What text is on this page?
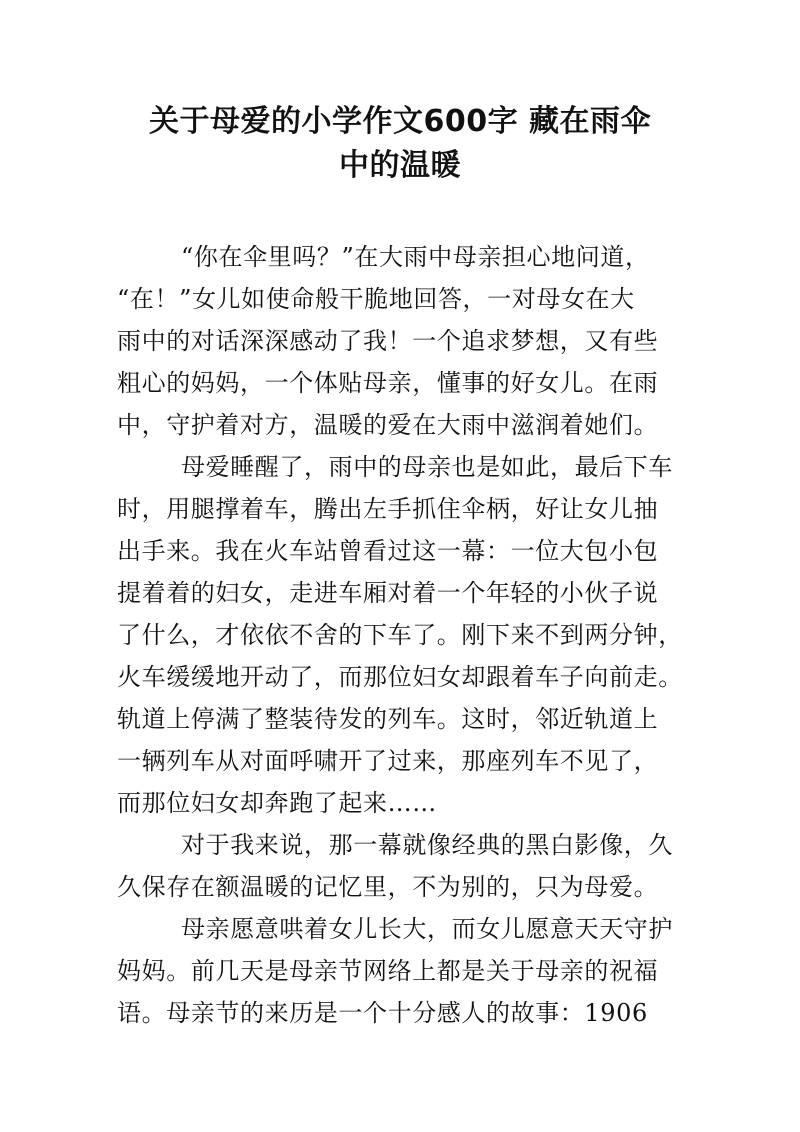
关于母爱的小学作文600字 藏在雨伞
中的温暖
“你在伞里吗？”在大雨中母亲担心地问道，
“在！”女儿如使命般干脆地回答，一对母女在大
雨中的对话深深感动了我！一个追求梦想，又有些
粗心的妈妈，一个体贴母亲，懂事的好女儿。在雨
中，守护着对方，温暖的爱在大雨中滋润着她们。
母爱睡醒了，雨中的母亲也是如此，最后下车
时，用腿撑着车，腾出左手抓住伞柄，好让女儿抽
出手来。我在火车站曾看过这一幕：一位大包小包
提着着的妇女，走进车厢对着一个年轻的小伙子说
了什么，才依依不舍的下车了。刚下来不到两分钟，
火车缓缓地开动了，而那位妇女却跟着车子向前走。
轨道上停满了整装待发的列车。这时，邻近轨道上
一辆列车从对面呼啸开了过来，那座列车不见了，
而那位妇女却奔跑了起来……
对于我来说，那一幕就像经典的黑白影像，久
久保存在额温暖的记忆里，不为别的，只为母爱。
母亲愿意哄着女儿长大，而女儿愿意天天守护
妈妈。前几天是母亲节网络上都是关于母亲的祝福
语。母亲节的来历是一个十分感人的故事：1906
